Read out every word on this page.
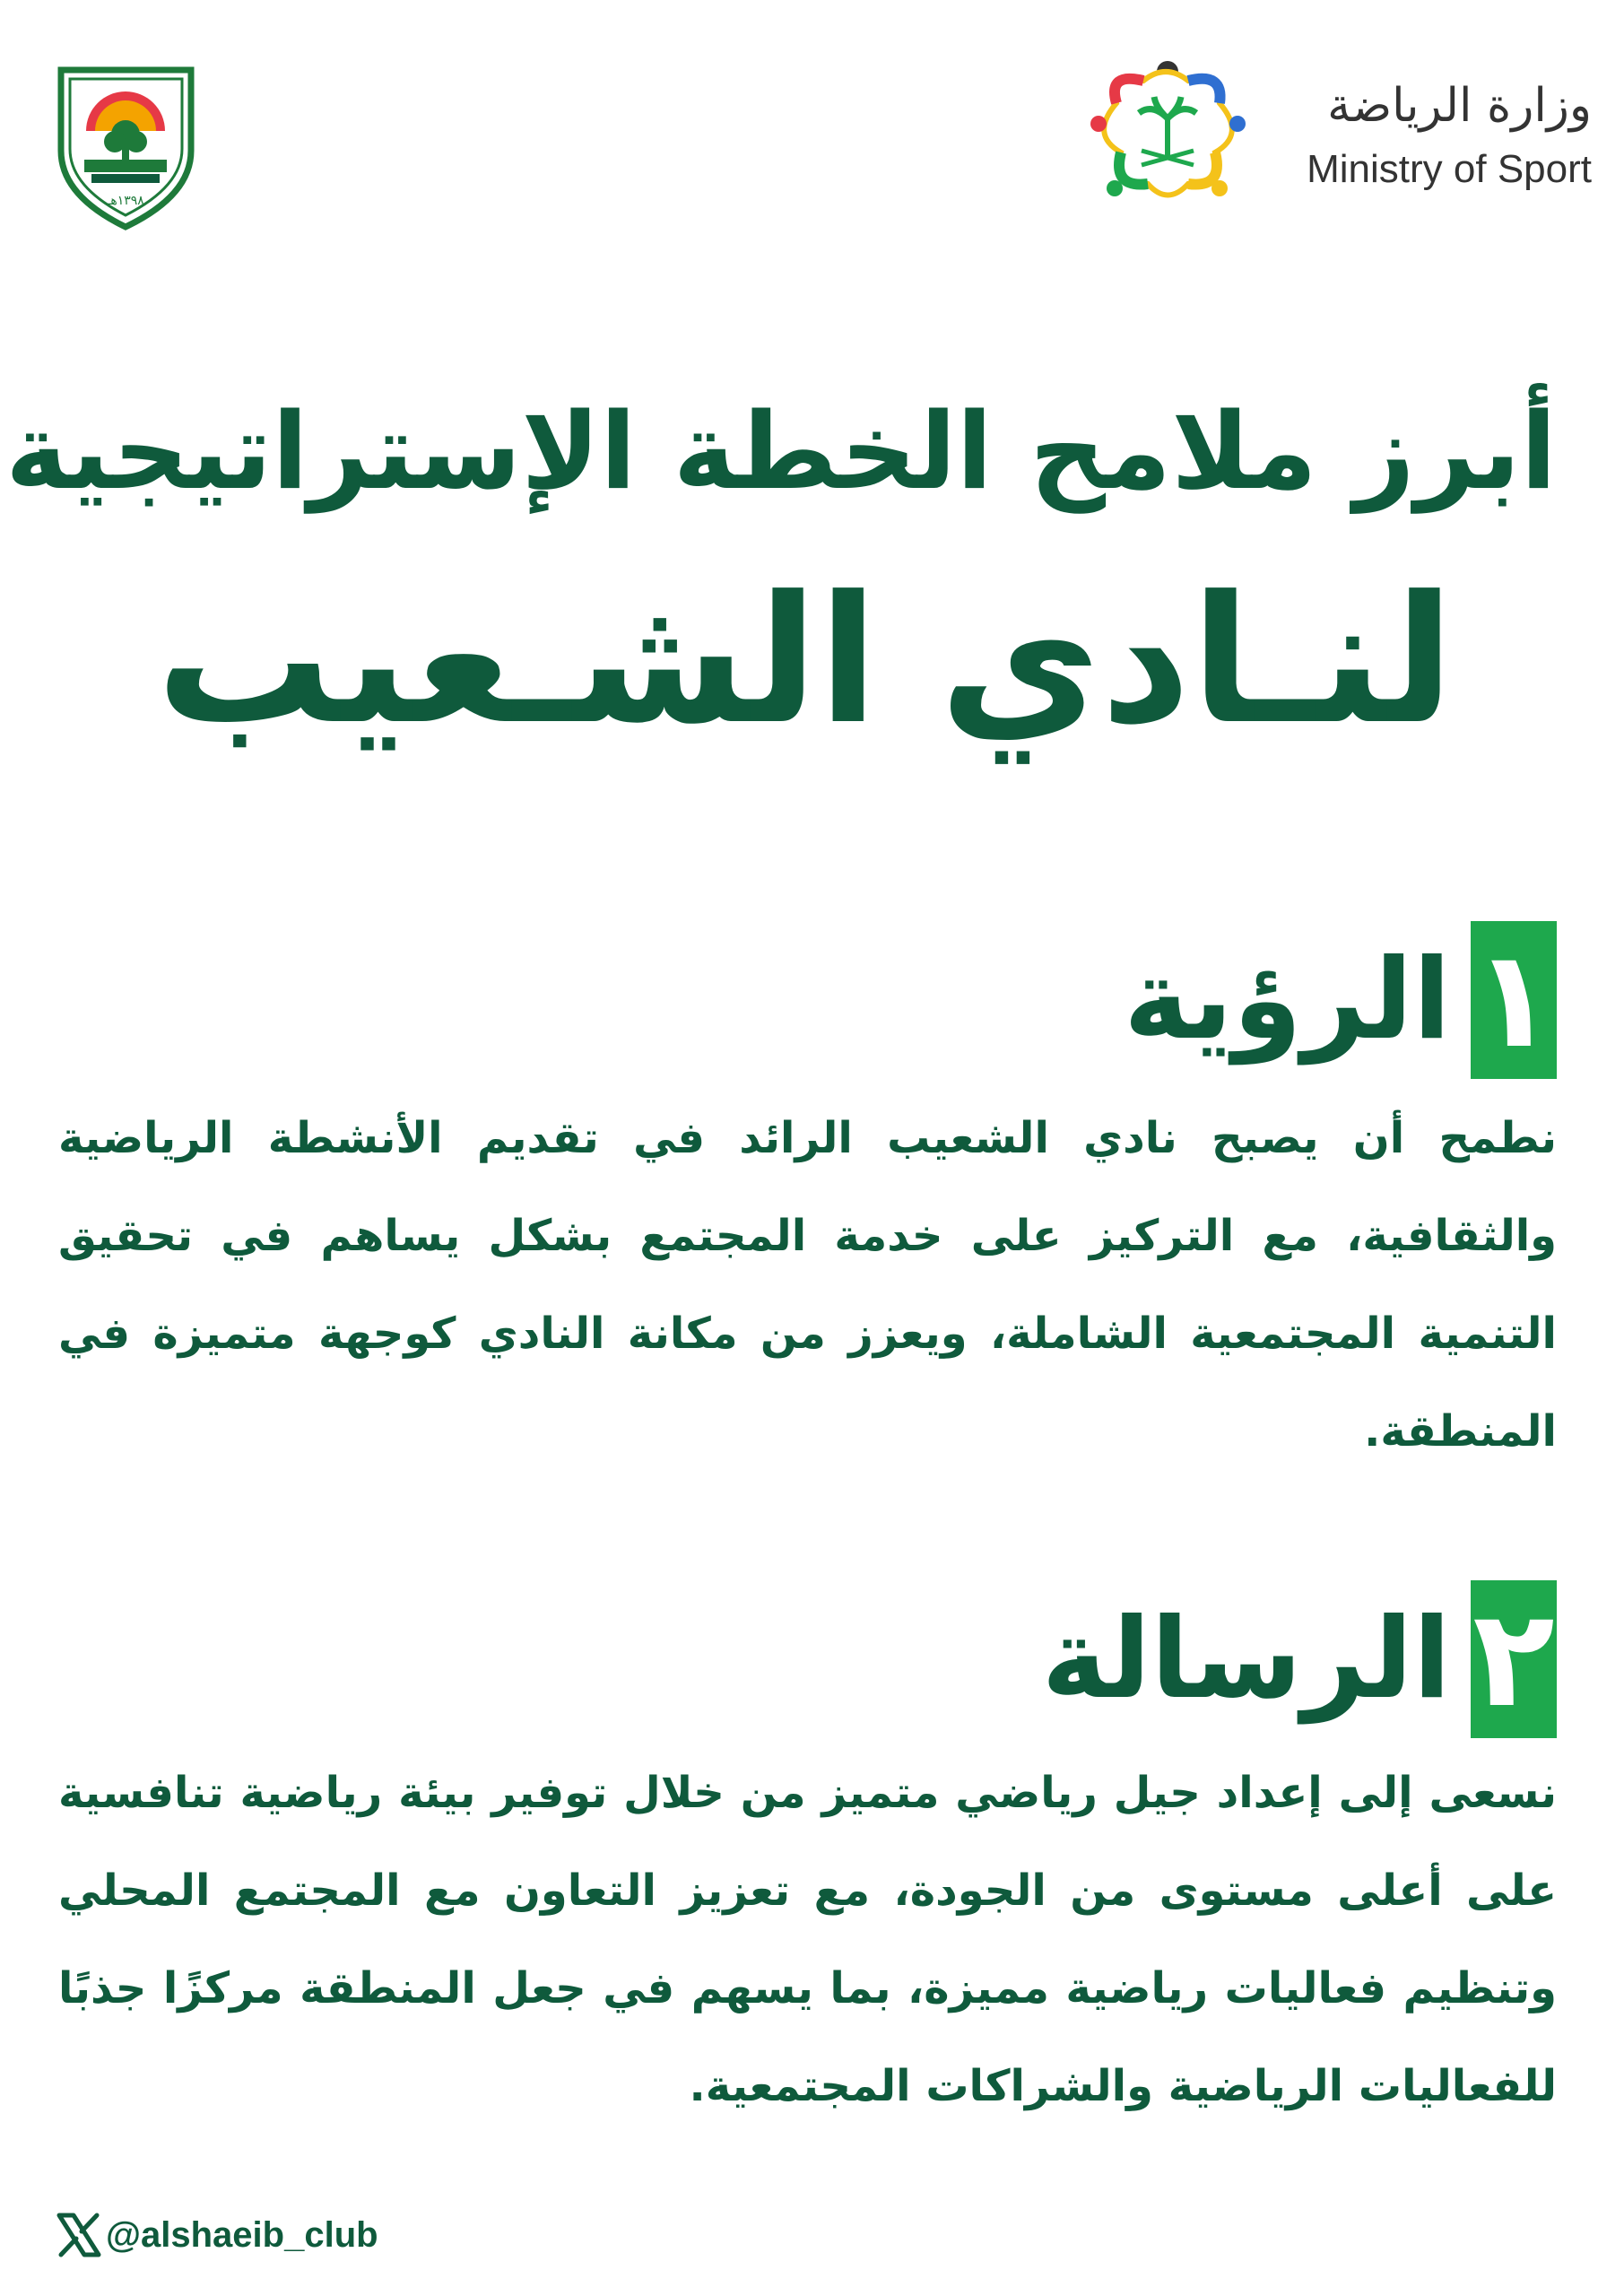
١٣٩٨هـ
وزارة الرياضة
Ministry of Sport
أبرز ملامح الخطة الإستراتيجية
لنـادي الشـعيب
١
الرؤية
نطمح أن يصبح نادي الشعيب الرائد في تقديم الأنشطة الرياضية والثقافية، مع التركيز على خدمة المجتمع بشكل يساهم في تحقيق التنمية المجتمعية الشاملة، ويعزز من مكانة النادي كوجهة متميزة في المنطقة.
٢
الرسالة
نسعى إلى إعداد جيل رياضي متميز من خلال توفير بيئة رياضية تنافسية على أعلى مستوى من الجودة، مع تعزيز التعاون مع المجتمع المحلي وتنظيم فعاليات رياضية مميزة، بما يسهم في جعل المنطقة مركزًا جذبًا للفعاليات الرياضية والشراكات المجتمعية.
@alshaeib_club
